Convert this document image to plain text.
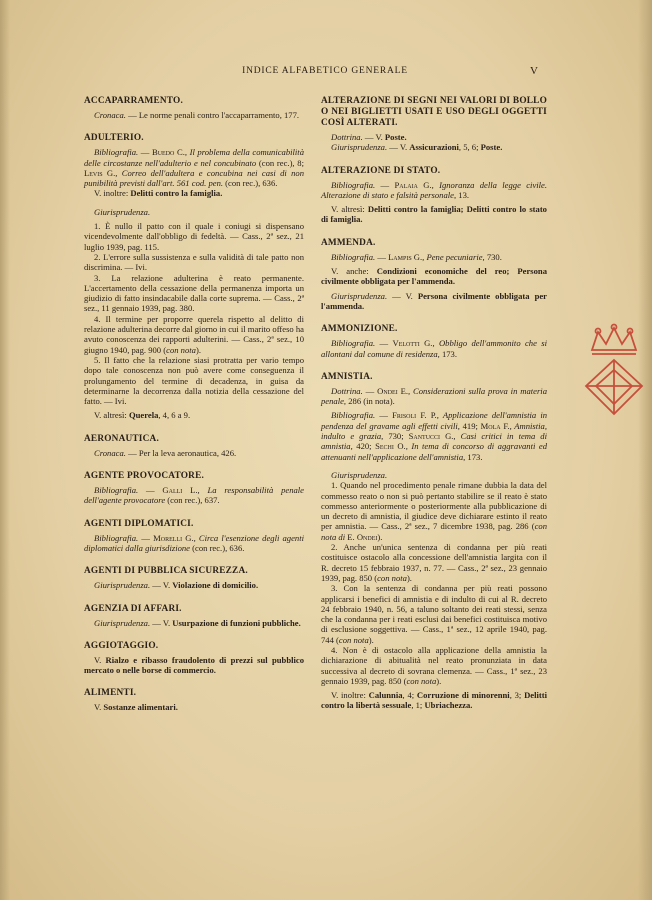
INDICE ALFABETICO GENERALE	V

ACCAPARRAMENTO.

Cronaca. — Le norme penali contro l'accaparramento, 177.

ADULTERIO.

Bibliografia. — Buedo C., Il problema della comunicabilità delle circostanze nell'adulterio e nel concubinato (con rec.), 8; Levis G., Correo dell'adultera e concubina nei casi di non punibilità previsti dall'art. 561 cod. pen. (con rec.), 636.

V. inoltre: Delitti contro la famiglia.

Giurisprudenza.

1. È nullo il patto con il quale i coniugi si dispensano vicendevolmente dall'obbligo di fedeltà. — Cass., 2ª sez., 21 luglio 1939, pag. 115.

2. L'errore sulla sussistenza e sulla validità di tale patto non discrimina. — Ivi.

3. La relazione adulterina è reato permanente. L'accertamento della cessazione della permanenza importa un giudizio di fatto insindacabile dalla corte suprema. — Cass., 2ª sez., 11 gennaio 1939, pag. 380.

4. Il termine per proporre querela rispetto al delitto di relazione adulterina decorre dal giorno in cui il marito offeso ha avuto conoscenza dei rapporti adulterini. — Cass., 2ª sez., 10 giugno 1940, pag. 900 (con nota).

5. Il fatto che la relazione siasi protratta per vario tempo dopo tale conoscenza non può avere come conseguenza il prolungamento del termine di decadenza, in guisa da determinarne la decorrenza dalla notizia della cessazione del fatto. — Ivi.

V. altresì: Querela, 4, 6 a 9.

AERONAUTICA.

Cronaca. — Per la leva aeronautica, 426.

AGENTE PROVOCATORE.

Bibliografia. — Galli L., La responsabilità penale dell'agente provocatore (con rec.), 637.

AGENTI DIPLOMATICI.

Bibliografia. — Morelli G., Circa l'esenzione degli agenti diplomatici dalla giurisdizione (con rec.), 636.

AGENTI DI PUBBLICA SICUREZZA.

Giurisprudenza. — V. Violazione di domicilio.

AGENZIA DI AFFARI.

Giurisprudenza. — V. Usurpazione di funzioni pubbliche.

AGGIOTAGGIO.

V. Rialzo e ribasso fraudolento di prezzi sul pubblico mercato o nelle borse di commercio.

ALIMENTI.

V. Sostanze alimentari.

ALTERAZIONE DI SEGNI NEI VALORI DI BOLLO O NEI BIGLIETTI USATI E USO DEGLI OGGETTI COSÌ ALTERATI.

Dottrina. — V. Poste.

Giurisprudenza. — V. Assicurazioni, 5, 6; Poste.

ALTERAZIONE DI STATO.

Bibliografia. — Palaia G., Ignoranza della legge civile. Alterazione di stato e falsità personale, 13.

V. altresì: Delitti contro la famiglia; Delitti contro lo stato di famiglia.

AMMENDA.

Bibliografia. — Lampis G., Pene pecuniarie, 730.

V. anche: Condizioni economiche del reo; Persona civilmente obbligata per l'ammenda.

Giurisprudenza. — V. Persona civilmente obbligata per l'ammenda.

AMMONIZIONE.

Bibliografia. — Velotti G., Obbligo dell'ammonito che si allontani dal comune di residenza, 173.

AMNISTIA.

Dottrina. — Ondei E., Considerazioni sulla prova in materia penale, 286 (in nota).

Bibliografia. — Frisoli F. P., Applicazione dell'amnistia in pendenza del gravame agli effetti civili, 419; Mola F., Amnistia, indulto e grazia, 730; Santucci G., Casi critici in tema di amnistia, 420; Sechi O., In tema di concorso di aggravanti ed attenuanti nell'applicazione dell'amnistia, 173.

Giurisprudenza.

1. Quando nel procedimento penale rimane dubbia la data del commesso reato o non si può pertanto stabilire se il reato è stato commesso anteriormente o posteriormente alla pubblicazione di un decreto di amnistia, il giudice deve dichiarare estinto il reato per amnistia. — Cass., 2ª sez., 7 dicembre 1938, pag. 286 (con nota di E. Ondei).

2. Anche un'unica sentenza di condanna per più reati costituisce ostacolo alla concessione dell'amnistia largita con il R. decreto 15 febbraio 1937, n. 77. — Cass., 2ª sez., 23 gennaio 1939, pag. 850 (con nota).

3. Con la sentenza di condanna per più reati possono applicarsi i benefici di amnistia e di indulto di cui al R. decreto 24 febbraio 1940, n. 56, a taluno soltanto dei reati stessi, senza che la condanna per i reati esclusi dai benefici costituisca motivo di esclusione soggettiva. — Cass., 1ª sez., 12 aprile 1940, pag. 744 (con nota).

4. Non è di ostacolo alla applicazione della amnistia la dichiarazione di abitualità nel reato pronunziata in data successiva al decreto di sovrana clemenza. — Cass., 1ª sez., 23 gennaio 1939, pag. 850 (con nota).

V. inoltre: Calunnia, 4; Corruzione di minorenni, 3; Delitti contro la libertà sessuale, 1; Ubriachezza.
